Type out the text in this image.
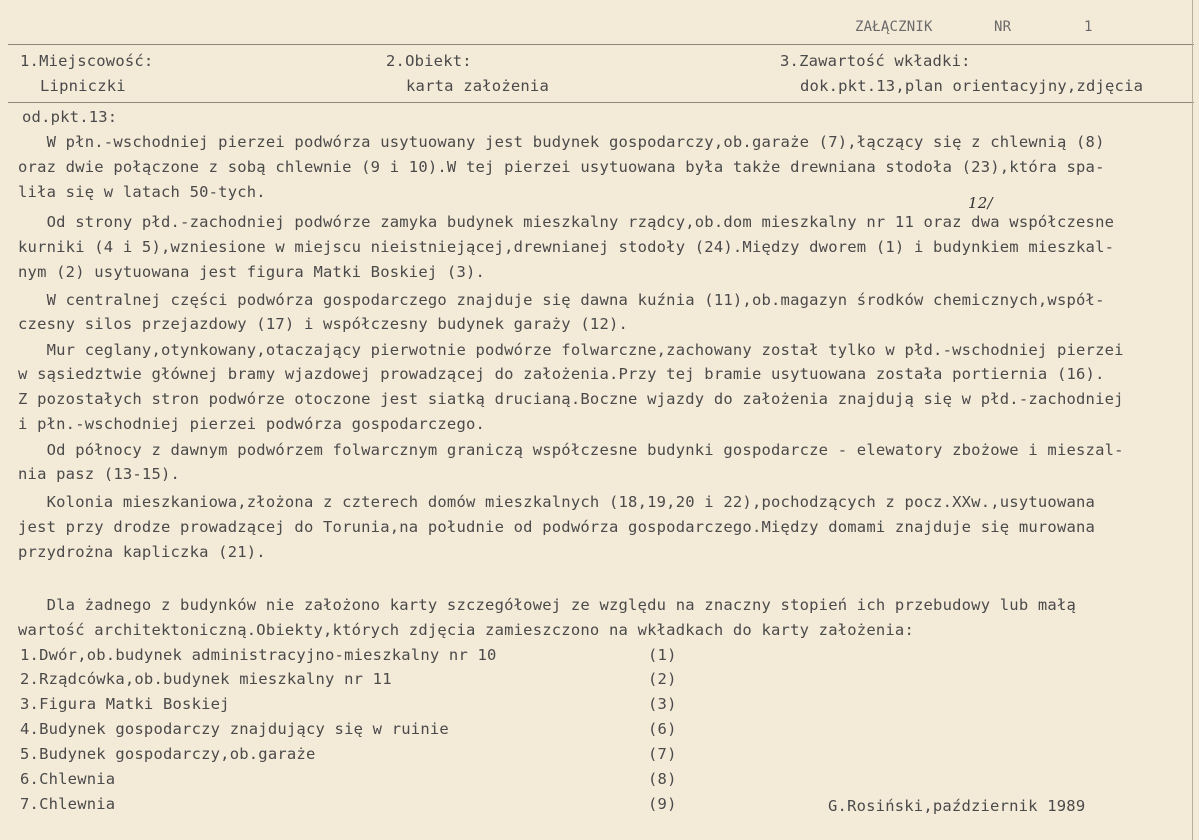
ZAŁĄCZNIK	NR	1
1.Miejscowość:
Lipniczki
2.Obiekt:
karta założenia
3.Zawartość wkładki:
dok.pkt.13,plan orientacyjny,zdjęcia
od.pkt.13:
W płn.-wschodniej pierzei podwórza usytuowany jest budynek gospodarczy,ob.garaże (7),łączący się z chlewnią (8)
oraz dwie połączone z sobą chlewnie (9 i 10).W tej pierzei usytuowana była także drewniana stodoła (23),która spa-
liła się w latach 50-tych.
Od strony płd.-zachodniej podwórze zamyka budynek mieszkalny rządcy,ob.dom mieszkalny nr 11 oraz dwa współczesne
kurniki (4 i 5),wzniesione w miejscu nieistniejącej,drewnianej stodoły (24).Między dworem (1) i budynkiem mieszkal-
nym (2) usytuowana jest figura Matki Boskiej (3).
W centralnej części podwórza gospodarczego znajduje się dawna kuźnia (11),ob.magazyn środków chemicznych,współ-
czesny silos przejazdowy (17) i współczesny budynek garaży (12).
Mur ceglany,otynkowany,otaczający pierwotnie podwórze folwarczne,zachowany został tylko w płd.-wschodniej pierzei
w sąsiedztwie głównej bramy wjazdowej prowadzącej do założenia.Przy tej bramie usytuowana została portiernia (16).
Z pozostałych stron podwórze otoczone jest siatką drucianą.Boczne wjazdy do założenia znajdują się w płd.-zachodniej
i płn.-wschodniej pierzei podwórza gospodarczego.
Od północy z dawnym podwórzem folwarcznym graniczą współczesne budynki gospodarcze - elewatory zbożowe i mieszal-
nia pasz (13-15).
Kolonia mieszkaniowa,złożona z czterech domów mieszkalnych (18,19,20 i 22),pochodzących z pocz.XXw.,usytuowana
jest przy drodze prowadzącej do Torunia,na południe od podwórza gospodarczego.Między domami znajduje się murowana
przydrożna kapliczka (21).
12/
Dla żadnego z budynków nie założono karty szczegółowej ze względu na znaczny stopień ich przebudowy lub małą
wartość architektoniczną.Obiekty,których zdjęcia zamieszczono na wkładkach do karty założenia:
1.Dwór,ob.budynek administracyjno-mieszkalny nr 10	(1)
2.Rządcówka,ob.budynek mieszkalny nr 11	(2)
3.Figura Matki Boskiej	(3)
4.Budynek gospodarczy znajdujący się w ruinie	(6)
5.Budynek gospodarczy,ob.garaże	(7)
6.Chlewnia	(8)
7.Chlewnia	(9)	G.Rosiński,październik 1989
